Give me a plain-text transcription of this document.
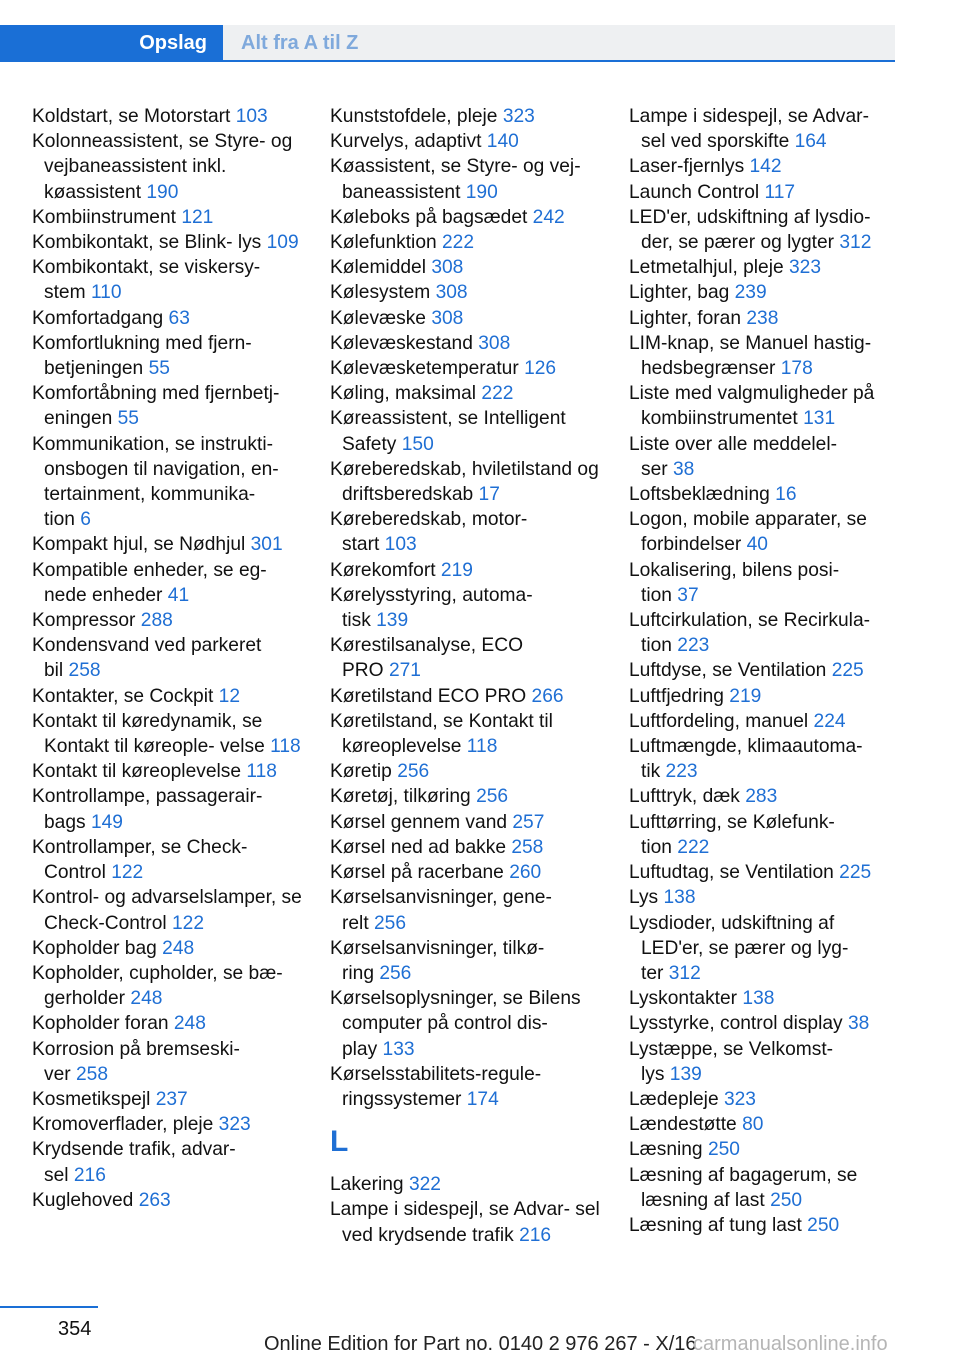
Opslag Alt fra A til Z
Koldstart, se Motorstart 103
Kolonneassistent, se Styre- og vejbaneassistent inkl. køassistent 190
Kombiinstrument 121
Kombikontakt, se Blink- lys 109
Kombikontakt, se viskersy- stem 110
Komfortadgang 63
Komfortlukning med fjern- betjeningen 55
Komfortåbning med fjernbetj- eningen 55
Kommunikation, se instrukti- onsbogen til navigation, en- tertainment, kommunika- tion 6
Kompakt hjul, se Nødhjul 301
Kompatible enheder, se eg- nede enheder 41
Kompressor 288
Kondensvand ved parkeret bil 258
Kontakter, se Cockpit 12
Kontakt til køredynamik, se Kontakt til køreople- velse 118
Kontakt til køreoplevelse 118
Kontrollampe, passagerair- bags 149
Kontrollamper, se Check- Control 122
Kontrol- og advarselslamper, se Check-Control 122
Kopholder bag 248
Kopholder, cupholder, se bæ- gerholder 248
Kopholder foran 248
Korrosion på bremseski- ver 258
Kosmetikspejl 237
Kromoverflader, pleje 323
Krydsende trafik, advar- sel 216
Kuglehoved 263
Kunststofdele, pleje 323
Kurvelys, adaptivt 140
Køassistent, se Styre- og vej- baneassistent 190
Køleboks på bagsædet 242
Kølefunktion 222
Kølemiddel 308
Kølesystem 308
Kølevæske 308
Kølevæskestand 308
Kølevæsketemperatur 126
Køling, maksimal 222
Køreassistent, se Intelligent Safety 150
Køreberedskab, hviletilstand og driftsberedskab 17
Køreberedskab, motor- start 103
Kørekomfort 219
Kørelysstyring, automa- tisk 139
Kørestilsanalyse, ECO PRO 271
Køretilstand ECO PRO 266
Køretilstand, se Kontakt til køreoplevelse 118
Køretip 256
Køretøj, tilkøring 256
Kørsel gennem vand 257
Kørsel ned ad bakke 258
Kørsel på racerbane 260
Kørselsanvisninger, gene- relt 256
Kørselsanvisninger, tilkø- ring 256
Kørselsoplysninger, se Bilens computer på control dis- play 133
Kørselsstabilitets-regule- ringssystemer 174
L
Lakering 322
Lampe i sidespejl, se Advar- sel ved krydsende trafik 216
Lampe i sidespejl, se Advar- sel ved sporskifte 164
Laser-fjernlys 142
Launch Control 117
LED'er, udskiftning af lysdio- der, se pærer og lygter 312
Letmetalhjul, pleje 323
Lighter, bag 239
Lighter, foran 238
LIM-knap, se Manuel hastig- hedsbegrænser 178
Liste med valgmuligheder på kombiinstrumentet 131
Liste over alle meddelel- ser 38
Loftsbeklædning 16
Logon, mobile apparater, se forbindelser 40
Lokalisering, bilens posi- tion 37
Luftcirkulation, se Recirkula- tion 223
Luftdyse, se Ventilation 225
Luftfjedring 219
Luftfordeling, manuel 224
Luftmængde, klimaautoma- tik 223
Lufttryk, dæk 283
Lufttørring, se Kølefunk- tion 222
Luftudtag, se Ventilation 225
Lys 138
Lysdioder, udskiftning af LED'er, se pærer og lyg- ter 312
Lyskontakter 138
Lysstyrke, control display 38
Lystæppe, se Velkomst- lys 139
Lædepleje 323
Lændestøtte 80
Læsning 250
Læsning af bagagerum, se læsning af last 250
Læsning af tung last 250
354
Online Edition for Part no. 0140 2 976 267 - X/16
carmanualsonline.info
